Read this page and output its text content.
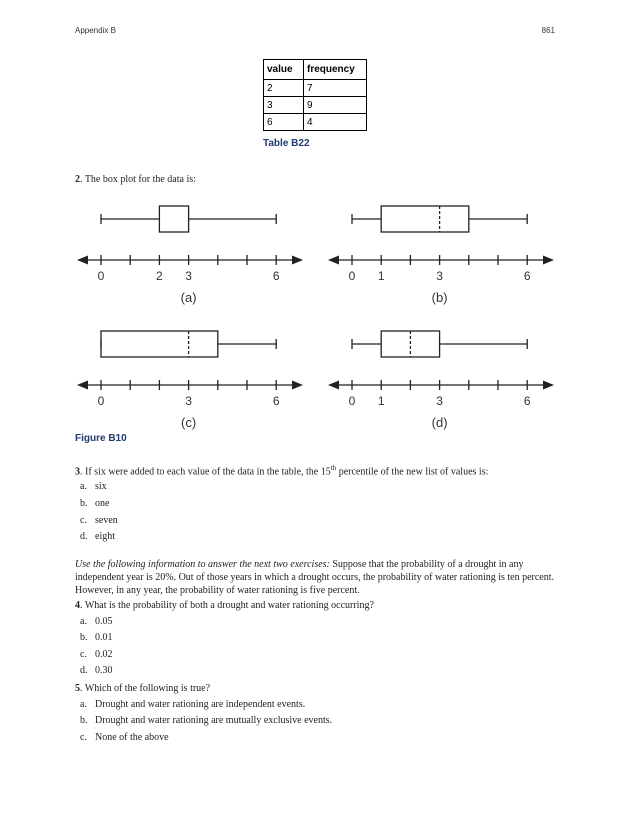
Appendix B	861
value	frequency
2	7
3	9
6	4
Table B22
2. The box plot for the data is:
0	2 3	6
(a)
0 1	3	6
(b)
0	3	6
(c)
0 1	3	6
(d)
Figure B10
3. If six were added to each value of the data in the table, the 15th percentile of the new list of values is:
a. six
b. one
c. seven
d. eight
Use the following information to answer the next two exercises: Suppose that the probability of a drought in any independent year is 20%. Out of those years in which a drought occurs, the probability of water rationing is ten percent. However, in any year, the probability of water rationing is five percent.
4. What is the probability of both a drought and water rationing occurring?
a. 0.05
b. 0.01
c. 0.02
d. 0.30
5. Which of the following is true?
a. Drought and water rationing are independent events.
b. Drought and water rationing are mutually exclusive events.
c. None of the above
